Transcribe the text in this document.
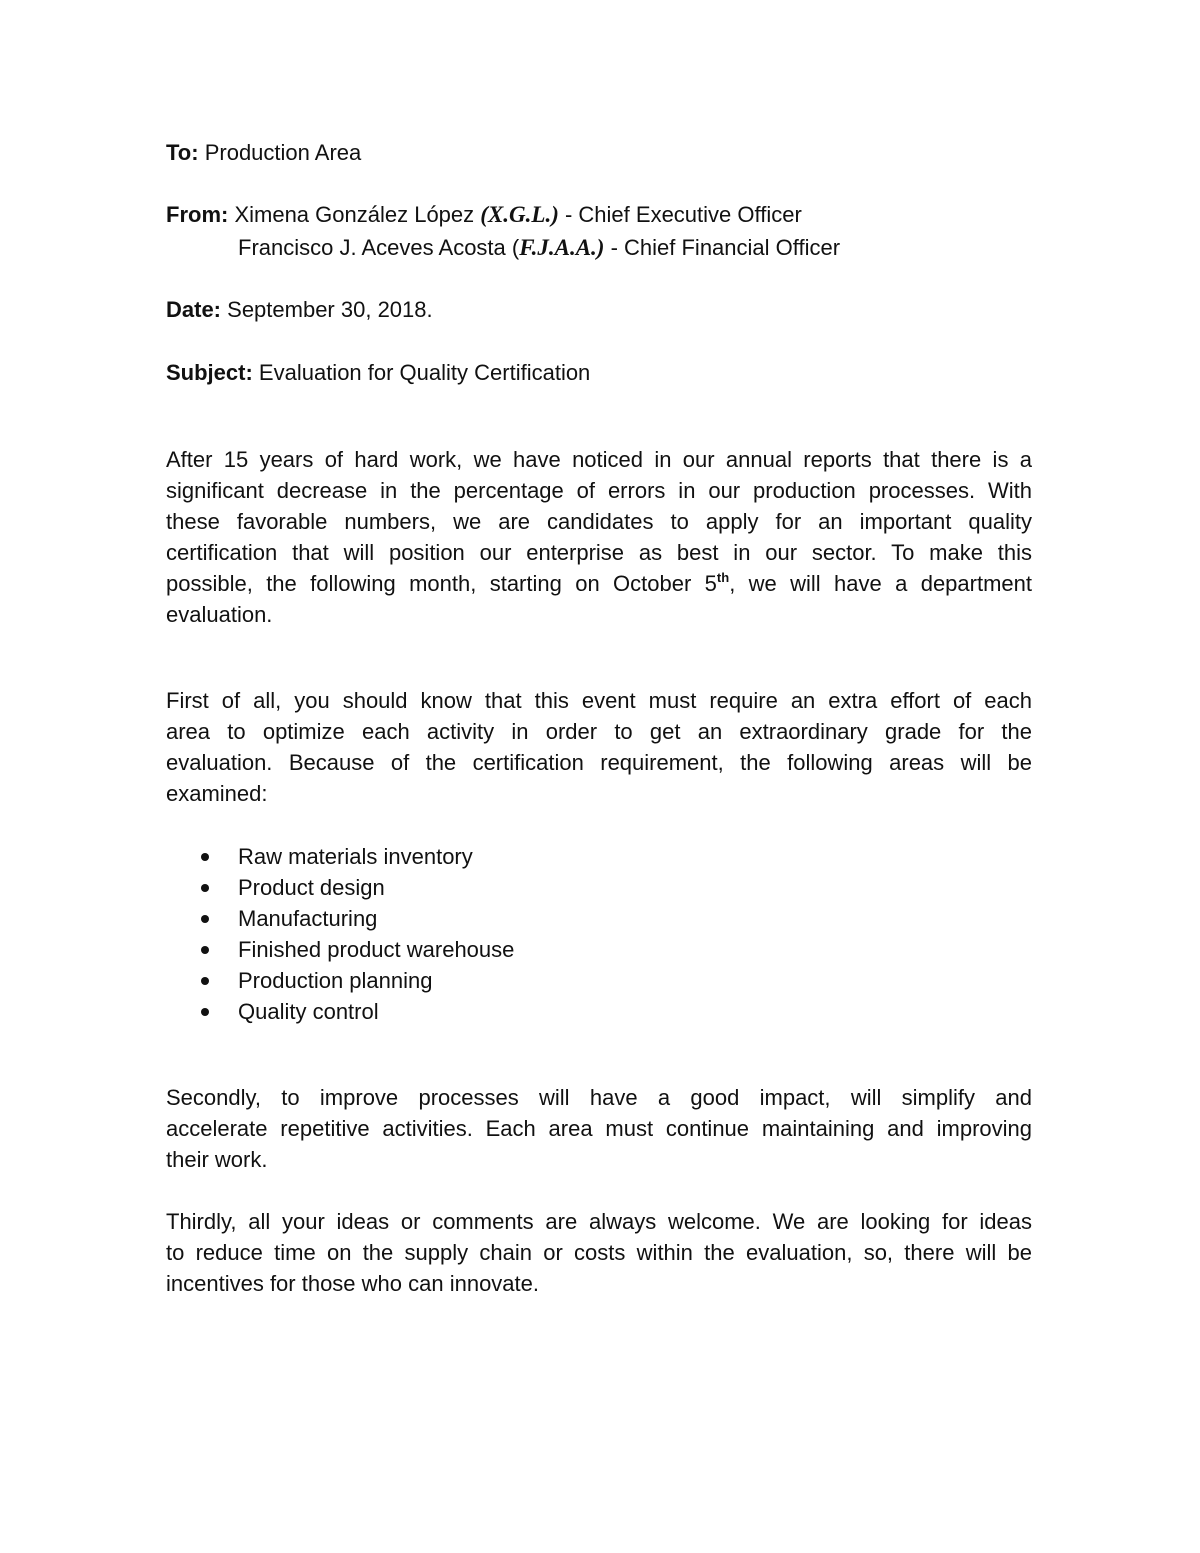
To: Production Area
From: Ximena González López (X.G.L.) - Chief Executive Officer
Francisco J. Aceves Acosta (F.J.A.A.) - Chief Financial Officer
Date: September 30, 2018.
Subject: Evaluation for Quality Certification
After 15 years of hard work, we have noticed in our annual reports that there is a
significant decrease in the percentage of errors in our production processes. With
these favorable numbers, we are candidates to apply for an important quality
certification that will position our enterprise as best in our sector. To make this
possible, the following month, starting on October 5th, we will have a department
evaluation.
First of all, you should know that this event must require an extra effort of each
area to optimize each activity in order to get an extraordinary grade for the
evaluation. Because of the certification requirement, the following areas will be
examined:
Raw materials inventory
Product design
Manufacturing
Finished product warehouse
Production planning
Quality control
Secondly, to improve processes will have a good impact, will simplify and
accelerate repetitive activities. Each area must continue maintaining and improving
their work.
Thirdly, all your ideas or comments are always welcome. We are looking for ideas
to reduce time on the supply chain or costs within the evaluation, so, there will be
incentives for those who can innovate.
